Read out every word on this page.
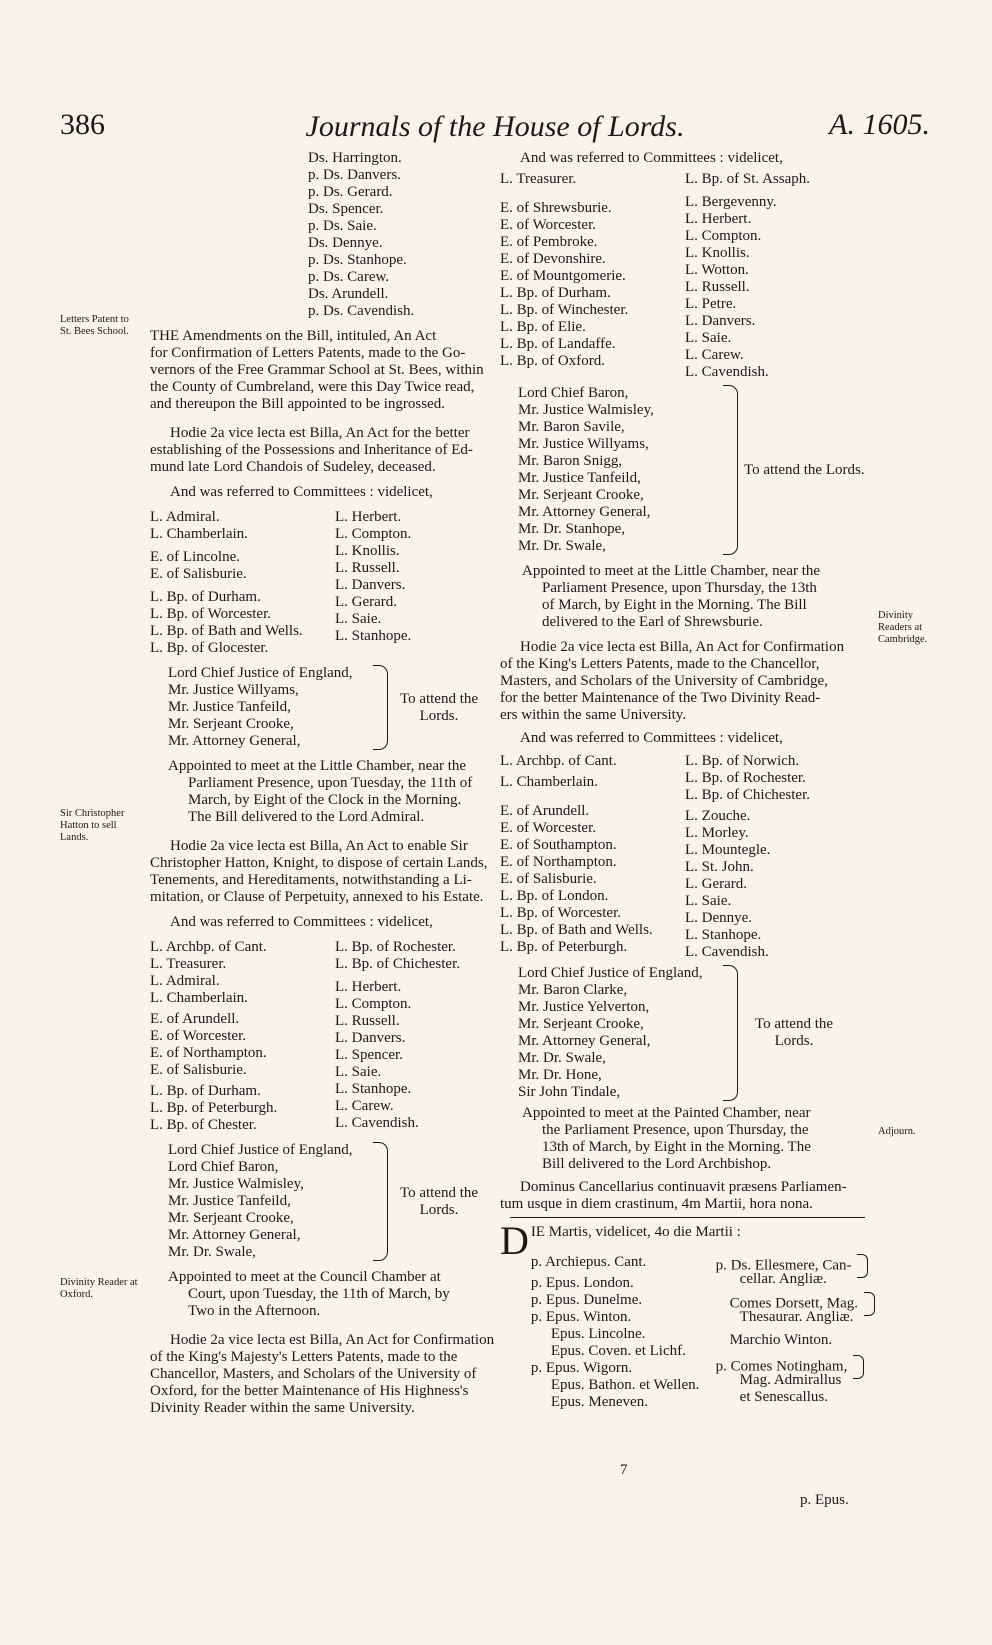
386	Journals of the House of Lords.	A. 1605.
Letters Patent to St. Bees School.
Sir Christopher Hatton to sell Lands.
Divinity Reader at Oxford.
Divinity Readers at Cambridge.
Adjourn.
Ds. Harrington.
p. Ds. Danvers.
p. Ds. Gerard.
Ds. Spencer.
p. Ds. Saie.
Ds. Dennye.
p. Ds. Stanhope.
p. Ds. Carew.
Ds. Arundell.
p. Ds. Cavendish.
THE Amendments on the Bill, intituled, An Act
for Confirmation of Letters Patents, made to the Go-
vernors of the Free Grammar School at St. Bees, within
the County of Cumbreland, were this Day Twice read,
and thereupon the Bill appointed to be ingrossed.
Hodie 2a vice lecta est Billa, An Act for the better
establishing of the Possessions and Inheritance of Ed-
mund late Lord Chandois of Sudeley, deceased.
And was referred to Committees : videlicet,
L. Admiral.
L. Chamberlain.
E. of Lincolne.
E. of Salisburie.
L. Bp. of Durham.
L. Bp. of Worcester.
L. Bp. of Bath and Wells.
L. Bp. of Glocester.
L. Herbert.
L. Compton.
L. Knollis.
L. Russell.
L. Danvers.
L. Gerard.
L. Saie.
L. Stanhope.
Lord Chief Justice of England,
Mr. Justice Willyams,
Mr. Justice Tanfeild,
Mr. Serjeant Crooke,
Mr. Attorney General,
To attend the Lords.
Appointed to meet at the Little Chamber, near the
Parliament Presence, upon Tuesday, the 11th of
March, by Eight of the Clock in the Morning.
The Bill delivered to the Lord Admiral.
Hodie 2a vice lecta est Billa, An Act to enable Sir
Christopher Hatton, Knight, to dispose of certain Lands,
Tenements, and Hereditaments, notwithstanding a Li-
mitation, or Clause of Perpetuity, annexed to his Estate.
And was referred to Committees : videlicet,
L. Archbp. of Cant.
L. Treasurer.
L. Admiral.
L. Chamberlain.
E. of Arundell.
E. of Worcester.
E. of Northampton.
E. of Salisburie.
L. Bp. of Durham.
L. Bp. of Peterburgh.
L. Bp. of Chester.
L. Bp. of Rochester.
L. Bp. of Chichester.
L. Herbert.
L. Compton.
L. Russell.
L. Danvers.
L. Spencer.
L. Saie.
L. Stanhope.
L. Carew.
L. Cavendish.
Lord Chief Justice of England,
Lord Chief Baron,
Mr. Justice Walmisley,
Mr. Justice Tanfeild,
Mr. Serjeant Crooke,
Mr. Attorney General,
Mr. Dr. Swale,
To attend the Lords.
Appointed to meet at the Council Chamber at
Court, upon Tuesday, the 11th of March, by
Two in the Afternoon.
Hodie 2a vice lecta est Billa, An Act for Confirmation
of the King's Majesty's Letters Patents, made to the
Chancellor, Masters, and Scholars of the University of
Oxford, for the better Maintenance of His Highness's
Divinity Reader within the same University.
And was referred to Committees : videlicet,
L. Treasurer.
E. of Shrewsburie.
E. of Worcester.
E. of Pembroke.
E. of Devonshire.
E. of Mountgomerie.
L. Bp. of Durham.
L. Bp. of Winchester.
L. Bp. of Elie.
L. Bp. of Landaffe.
L. Bp. of Oxford.
L. Bp. of St. Assaph.
L. Bergevenny.
L. Herbert.
L. Compton.
L. Knollis.
L. Wotton.
L. Russell.
L. Petre.
L. Danvers.
L. Saie.
L. Carew.
L. Cavendish.
Lord Chief Baron,
Mr. Justice Walmisley,
Mr. Baron Savile,
Mr. Justice Willyams,
Mr. Baron Snigg,
Mr. Justice Tanfeild,
Mr. Serjeant Crooke,
Mr. Attorney General,
Mr. Dr. Stanhope,
Mr. Dr. Swale,
To attend the Lords.
Appointed to meet at the Little Chamber, near the
Parliament Presence, upon Thursday, the 13th
of March, by Eight in the Morning. The Bill
delivered to the Earl of Shrewsburie.
Hodie 2a vice lecta est Billa, An Act for Confirmation
of the King's Letters Patents, made to the Chancellor,
Masters, and Scholars of the University of Cambridge,
for the better Maintenance of the Two Divinity Read-
ers within the same University.
And was referred to Committees : videlicet,
L. Archbp. of Cant.
L. Chamberlain.
E. of Arundell.
E. of Worcester.
E. of Southampton.
E. of Northampton.
E. of Salisburie.
L. Bp. of London.
L. Bp. of Worcester.
L. Bp. of Bath and Wells.
L. Bp. of Peterburgh.
L. Bp. of Norwich.
L. Bp. of Rochester.
L. Bp. of Chichester.
L. Zouche.
L. Morley.
L. Mountegle.
L. St. John.
L. Gerard.
L. Saie.
L. Dennye.
L. Stanhope.
L. Cavendish.
Lord Chief Justice of England,
Mr. Baron Clarke,
Mr. Justice Yelverton,
Mr. Serjeant Crooke,
Mr. Attorney General,
Mr. Dr. Swale,
Mr. Dr. Hone,
Sir John Tindale,
To attend the Lords.
Appointed to meet at the Painted Chamber, near
the Parliament Presence, upon Thursday, the
13th of March, by Eight in the Morning. The
Bill delivered to the Lord Archbishop.
Dominus Cancellarius continuavit præsens Parliamen-
tum usque in diem crastinum, 4m Martii, hora nona.
D IE Martis, videlicet, 4o die Martii :
p. Archiepus. Cant.
p. Epus. London.
p. Epus. Dunelme.
p. Epus. Winton.
Epus. Lincolne.
Epus. Coven. et Lichf.
p. Epus. Wigorn.
Epus. Bathon. et Wellen.
Epus. Meneven.
p. Ds. Ellesmere, Can-
cellar. Angliæ.
Comes Dorsett, Mag.
Thesaurar. Angliæ.
Marchio Winton.
p. Comes Notingham,
Mag. Admirallus
et Senescallus.
7
p. Epus.
